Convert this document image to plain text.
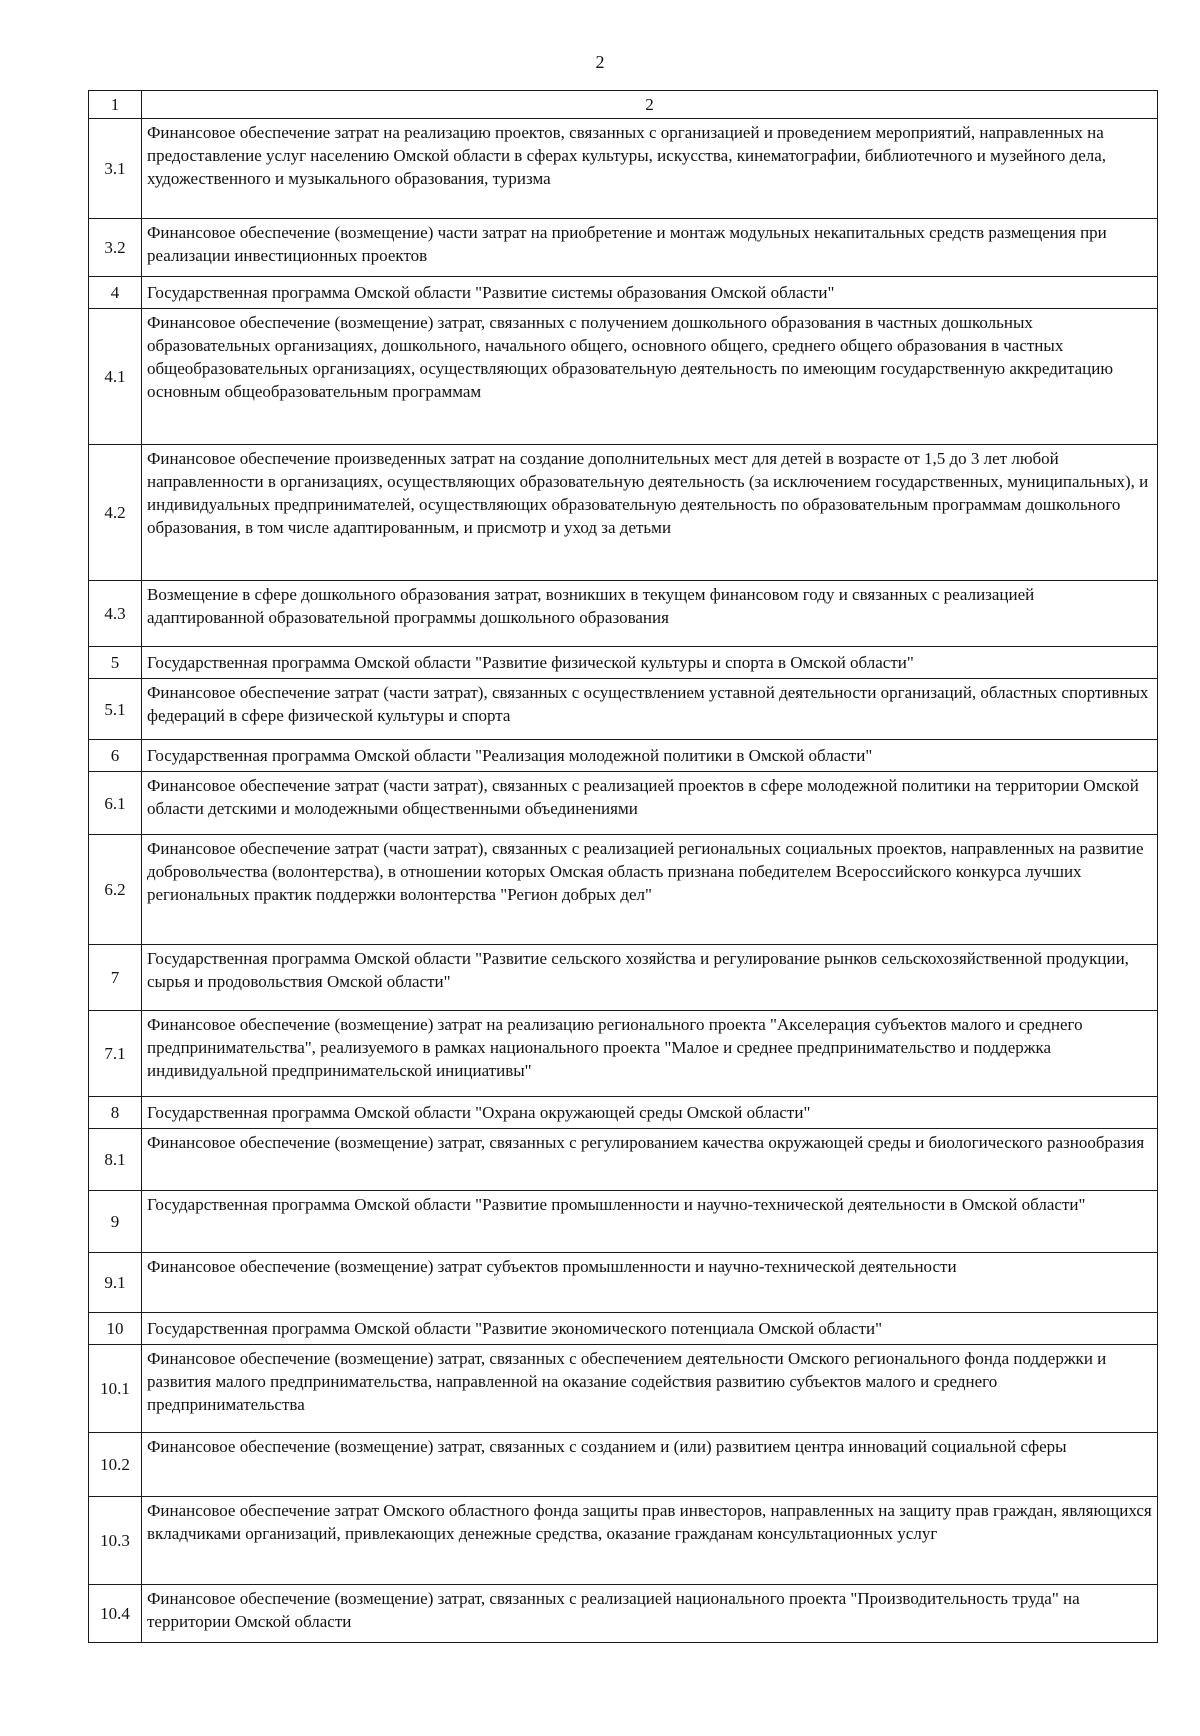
2
1	2
3.1	Финансовое обеспечение затрат на реализацию проектов, связанных с организацией и проведением мероприятий, направленных на предоставление услуг населению Омской области в сферах культуры, искусства, кинематографии, библиотечного и музейного дела, художественного и музыкального образования, туризма
3.2	Финансовое обеспечение (возмещение) части затрат на приобретение и монтаж модульных некапитальных средств размещения при реализации инвестиционных проектов
4	Государственная программа Омской области "Развитие системы образования Омской области"
4.1	Финансовое обеспечение (возмещение) затрат, связанных с получением дошкольного образования в частных дошкольных образовательных организациях, дошкольного, начального общего, основного общего, среднего общего образования в частных общеобразовательных организациях, осуществляющих образовательную деятельность по имеющим государственную аккредитацию основным общеобразовательным программам
4.2	Финансовое обеспечение произведенных затрат на создание дополнительных мест для детей в возрасте от 1,5 до 3 лет любой направленности в организациях, осуществляющих образовательную деятельность (за исключением государственных, муниципальных), и индивидуальных предпринимателей, осуществляющих образовательную деятельность по образовательным программам дошкольного образования, в том числе адаптированным, и присмотр и уход за детьми
4.3	Возмещение в сфере дошкольного образования затрат, возникших в текущем финансовом году и связанных с реализацией адаптированной образовательной программы дошкольного образования
5	Государственная программа Омской области "Развитие физической культуры и спорта в Омской области"
5.1	Финансовое обеспечение затрат (части затрат), связанных с осуществлением уставной деятельности организаций, областных спортивных федераций в сфере физической культуры и спорта
6	Государственная программа Омской области "Реализация молодежной политики в Омской области"
6.1	Финансовое обеспечение затрат (части затрат), связанных с реализацией проектов в сфере молодежной политики на территории Омской области детскими и молодежными общественными объединениями
6.2	Финансовое обеспечение затрат (части затрат), связанных с реализацией региональных социальных проектов, направленных на развитие добровольчества (волонтерства), в отношении которых Омская область признана победителем Всероссийского конкурса лучших региональных практик поддержки волонтерства "Регион добрых дел"
7	Государственная программа Омской области "Развитие сельского хозяйства и регулирование рынков сельскохозяйственной продукции, сырья и продовольствия Омской области"
7.1	Финансовое обеспечение (возмещение) затрат на реализацию регионального проекта "Акселерация субъектов малого и среднего предпринимательства", реализуемого в рамках национального проекта "Малое и среднее предпринимательство и поддержка индивидуальной предпринимательской инициативы"
8	Государственная программа Омской области "Охрана окружающей среды Омской области"
8.1	Финансовое обеспечение (возмещение) затрат, связанных с регулированием качества окружающей среды и биологического разнообразия
9	Государственная программа Омской области "Развитие промышленности и научно-технической деятельности в Омской области"
9.1	Финансовое обеспечение (возмещение) затрат субъектов промышленности и научно-технической деятельности
10	Государственная программа Омской области "Развитие экономического потенциала Омской области"
10.1	Финансовое обеспечение (возмещение) затрат, связанных с обеспечением деятельности Омского регионального фонда поддержки и развития малого предпринимательства, направленной на оказание содействия развитию субъектов малого и среднего предпринимательства
10.2	Финансовое обеспечение (возмещение) затрат, связанных с созданием и (или) развитием центра инноваций социальной сферы
10.3	Финансовое обеспечение затрат Омского областного фонда защиты прав инвесторов, направленных на защиту прав граждан, являющихся вкладчиками организаций, привлекающих денежные средства, оказание гражданам консультационных услуг
10.4	Финансовое обеспечение (возмещение) затрат, связанных с реализацией национального проекта "Производительность труда" на территории Омской области
